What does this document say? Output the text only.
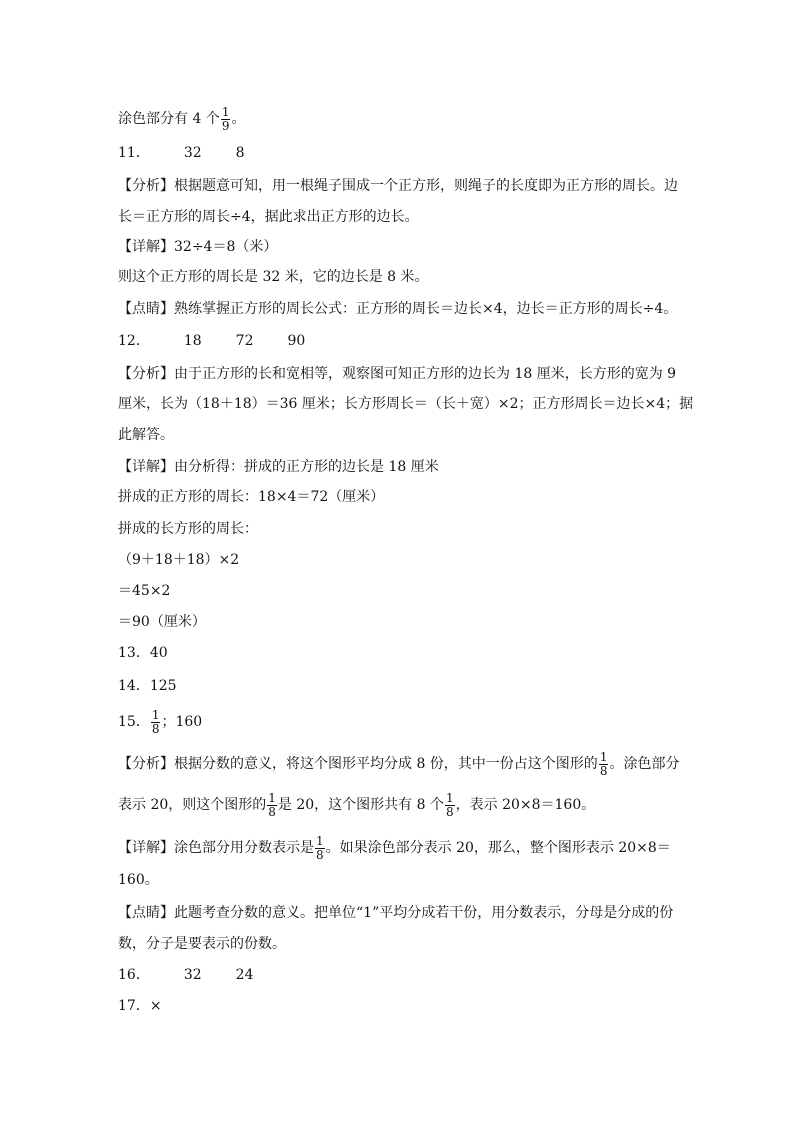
涂色部分有 4 个 $\frac{1}{9}$ 。
11． 32 8
【分析】根据题意可知，用一根绳子围成一个正方形，则绳子的长度即为正方形的周长。边
长＝正方形的周长÷4，据此求出正方形的边长。
【详解】32÷4＝8（米）
则这个正方形的周长是 32 米，它的边长是 8 米。
【点睛】熟练掌握正方形的周长公式：正方形的周长＝边长×4，边长＝正方形的周长÷4。
12． 18 72 90
【分析】由于正方形的长和宽相等，观察图可知正方形的边长为 18 厘米，长方形的宽为 9
厘米，长为（18＋18）＝36 厘米；长方形周长＝（长＋宽）×2；正方形周长＝边长×4；据
此解答。
【详解】由分析得：拼成的正方形的边长是 18 厘米
拼成的正方形的周长：18×4＝72（厘米）
拼成的长方形的周长：
（9＋18＋18）×2
＝45×2
＝90（厘米）
13．40
14．125
15． $\frac{1}{8}$ ；160
【分析】根据分数的意义，将这个图形平均分成 8 份，其中一份占这个图形的 $\frac{1}{8}$ 。涂色部分
表示 20，则这个图形的 $\frac{1}{8}$ 是 20，这个图形共有 8 个 $\frac{1}{8}$ ，表示 20×8＝160。
【详解】涂色部分用分数表示是 $\frac{1}{8}$ 。如果涂色部分表示 20，那么，整个图形表示 20×8＝
160。
【点睛】此题考查分数的意义。把单位“1”平均分成若干份，用分数表示，分母是分成的份
数，分子是要表示的份数。
16． 32 24
17．×
